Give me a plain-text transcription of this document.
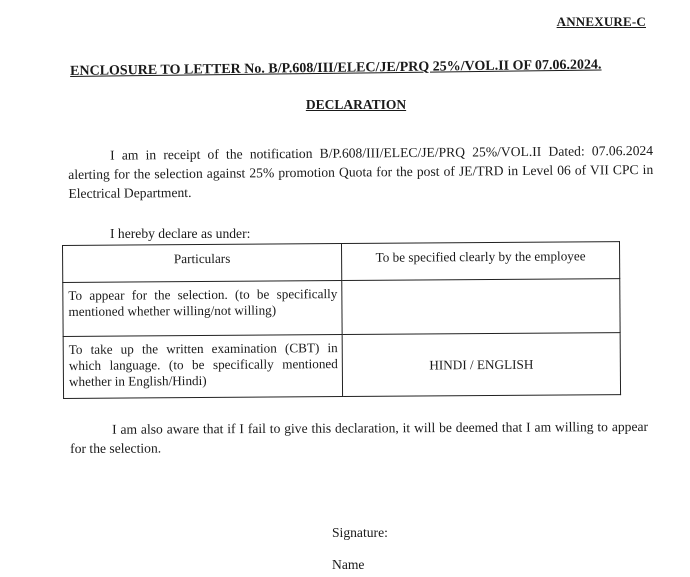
ANNEXURE-C
ENCLOSURE TO LETTER No. B/P.608/III/ELEC/JE/PRQ 25%/VOL.II OF 07.06.2024.
DECLARATION
I am in receipt of the notification B/P.608/III/ELEC/JE/PRQ 25%/VOL.II Dated: 07.06.2024 alerting for the selection against 25% promotion Quota for the post of JE/TRD in Level 06 of VII CPC in Electrical Department.
I hereby declare as under:
Particulars	To be specified clearly by the employee
To appear for the selection. (to be specifically mentioned whether willing/not willing)	
To take up the written examination (CBT) in which language. (to be specifically mentioned whether in English/Hindi)	HINDI / ENGLISH
I am also aware that if I fail to give this declaration, it will be deemed that I am willing to appear for the selection.
Signature:
Name
